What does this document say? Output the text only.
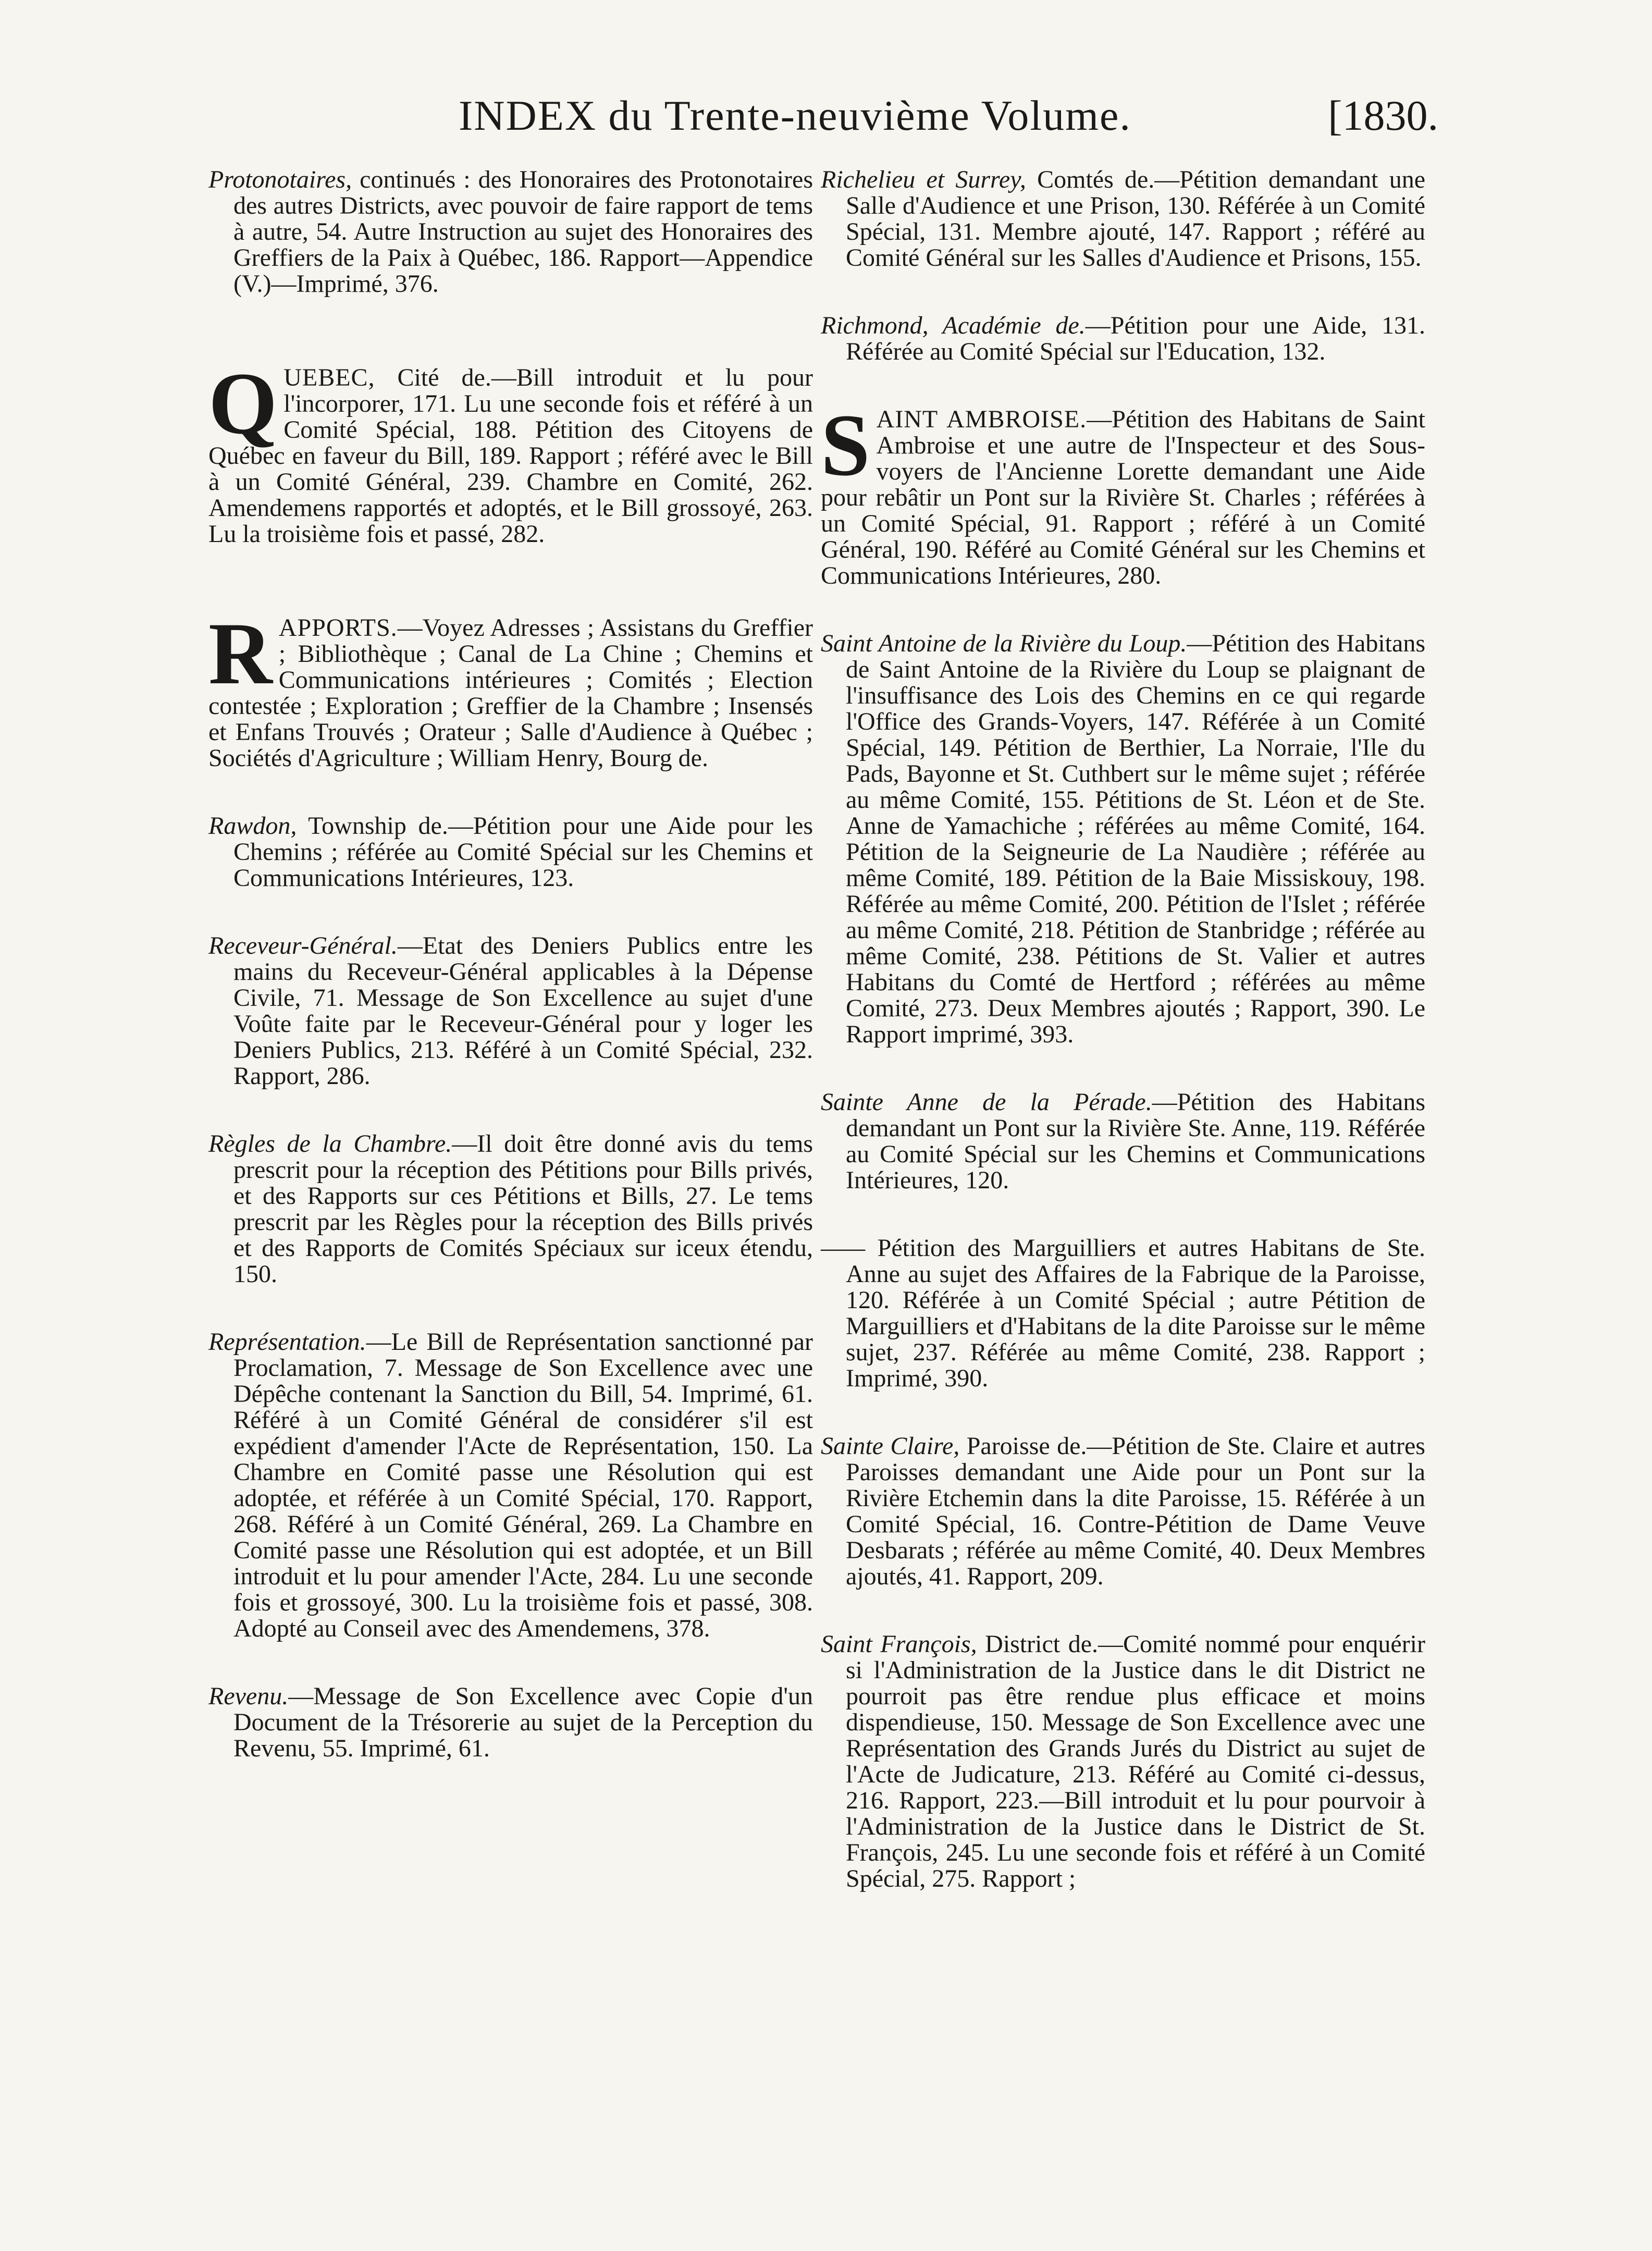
INDEX du Trente-neuvième Volume.	[1830.
Protonotaires, continués : des Honoraires des Protonotaires des autres Districts, avec pouvoir de faire rapport de tems à autre, 54. Autre Instruction au sujet des Honoraires des Greffiers de la Paix à Québec, 186. Rapport—Appendice (V.)—Imprimé, 376.
Q UEBEC, Cité de.—Bill introduit et lu pour l'incorporer, 171. Lu une seconde fois et référé à un Comité Spécial, 188. Pétition des Citoyens de Québec en faveur du Bill, 189. Rapport ; référé avec le Bill à un Comité Général, 239. Chambre en Comité, 262. Amendemens rapportés et adoptés, et le Bill grossoyé, 263. Lu la troisième fois et passé, 282.
R APPORTS.—Voyez Adresses ; Assistans du Greffier ; Bibliothèque ; Canal de La Chine ; Chemins et Communications intérieures ; Comités ; Election contestée ; Exploration ; Greffier de la Chambre ; Insensés et Enfans Trouvés ; Orateur ; Salle d'Audience à Québec ; Sociétés d'Agriculture ; William Henry, Bourg de.
Rawdon, Township de.—Pétition pour une Aide pour les Chemins ; référée au Comité Spécial sur les Chemins et Communications Intérieures, 123.
Receveur-Général.—Etat des Deniers Publics entre les mains du Receveur-Général applicables à la Dépense Civile, 71. Message de Son Excellence au sujet d'une Voûte faite par le Receveur-Général pour y loger les Deniers Publics, 213. Référé à un Comité Spécial, 232. Rapport, 286.
Règles de la Chambre.—Il doit être donné avis du tems prescrit pour la réception des Pétitions pour Bills privés, et des Rapports sur ces Pétitions et Bills, 27. Le tems prescrit par les Règles pour la réception des Bills privés et des Rapports de Comités Spéciaux sur iceux étendu, 150.
Représentation.—Le Bill de Représentation sanctionné par Proclamation, 7. Message de Son Excellence avec une Dépêche contenant la Sanction du Bill, 54. Imprimé, 61. Référé à un Comité Général de considérer s'il est expédient d'amender l'Acte de Représentation, 150. La Chambre en Comité passe une Résolution qui est adoptée, et référée à un Comité Spécial, 170. Rapport, 268. Référé à un Comité Général, 269. La Chambre en Comité passe une Résolution qui est adoptée, et un Bill introduit et lu pour amender l'Acte, 284. Lu une seconde fois et grossoyé, 300. Lu la troisième fois et passé, 308. Adopté au Conseil avec des Amendemens, 378.
Revenu.—Message de Son Excellence avec Copie d'un Document de la Trésorerie au sujet de la Perception du Revenu, 55. Imprimé, 61.
Richelieu et Surrey, Comtés de.—Pétition demandant une Salle d'Audience et une Prison, 130. Référée à un Comité Spécial, 131. Membre ajouté, 147. Rapport ; référé au Comité Général sur les Salles d'Audience et Prisons, 155.
Richmond, Académie de.—Pétition pour une Aide, 131. Référée au Comité Spécial sur l'Education, 132.
S AINT AMBROISE.—Pétition des Habitans de Saint Ambroise et une autre de l'Inspecteur et des Sous-voyers de l'Ancienne Lorette demandant une Aide pour rebâtir un Pont sur la Rivière St. Charles ; référées à un Comité Spécial, 91. Rapport ; référé à un Comité Général, 190. Référé au Comité Général sur les Chemins et Communications Intérieures, 280.
Saint Antoine de la Rivière du Loup.—Pétition des Habitans de Saint Antoine de la Rivière du Loup se plaignant de l'insuffisance des Lois des Chemins en ce qui regarde l'Office des Grands-Voyers, 147. Référée à un Comité Spécial, 149. Pétition de Berthier, La Norraie, l'Ile du Pads, Bayonne et St. Cuthbert sur le même sujet ; référée au même Comité, 155. Pétitions de St. Léon et de Ste. Anne de Yamachiche ; référées au même Comité, 164. Pétition de la Seigneurie de La Naudière ; référée au même Comité, 189. Pétition de la Baie Missiskouy, 198. Référée au même Comité, 200. Pétition de l'Islet ; référée au même Comité, 218. Pétition de Stanbridge ; référée au même Comité, 238. Pétitions de St. Valier et autres Habitans du Comté de Hertford ; référées au même Comité, 273. Deux Membres ajoutés ; Rapport, 390. Le Rapport imprimé, 393.
Sainte Anne de la Pérade.—Pétition des Habitans demandant un Pont sur la Rivière Ste. Anne, 119. Référée au Comité Spécial sur les Chemins et Communications Intérieures, 120.
—— Pétition des Marguilliers et autres Habitans de Ste. Anne au sujet des Affaires de la Fabrique de la Paroisse, 120. Référée à un Comité Spécial ; autre Pétition de Marguilliers et d'Habitans de la dite Paroisse sur le même sujet, 237. Référée au même Comité, 238. Rapport ; Imprimé, 390.
Sainte Claire, Paroisse de.—Pétition de Ste. Claire et autres Paroisses demandant une Aide pour un Pont sur la Rivière Etchemin dans la dite Paroisse, 15. Référée à un Comité Spécial, 16. Contre-Pétition de Dame Veuve Desbarats ; référée au même Comité, 40. Deux Membres ajoutés, 41. Rapport, 209.
Saint François, District de.—Comité nommé pour enquérir si l'Administration de la Justice dans le dit District ne pourroit pas être rendue plus efficace et moins dispendieuse, 150. Message de Son Excellence avec une Représentation des Grands Jurés du District au sujet de l'Acte de Judicature, 213. Référé au Comité ci-dessus, 216. Rapport, 223.—Bill introduit et lu pour pourvoir à l'Administration de la Justice dans le District de St. François, 245. Lu une seconde fois et référé à un Comité Spécial, 275. Rapport ;
